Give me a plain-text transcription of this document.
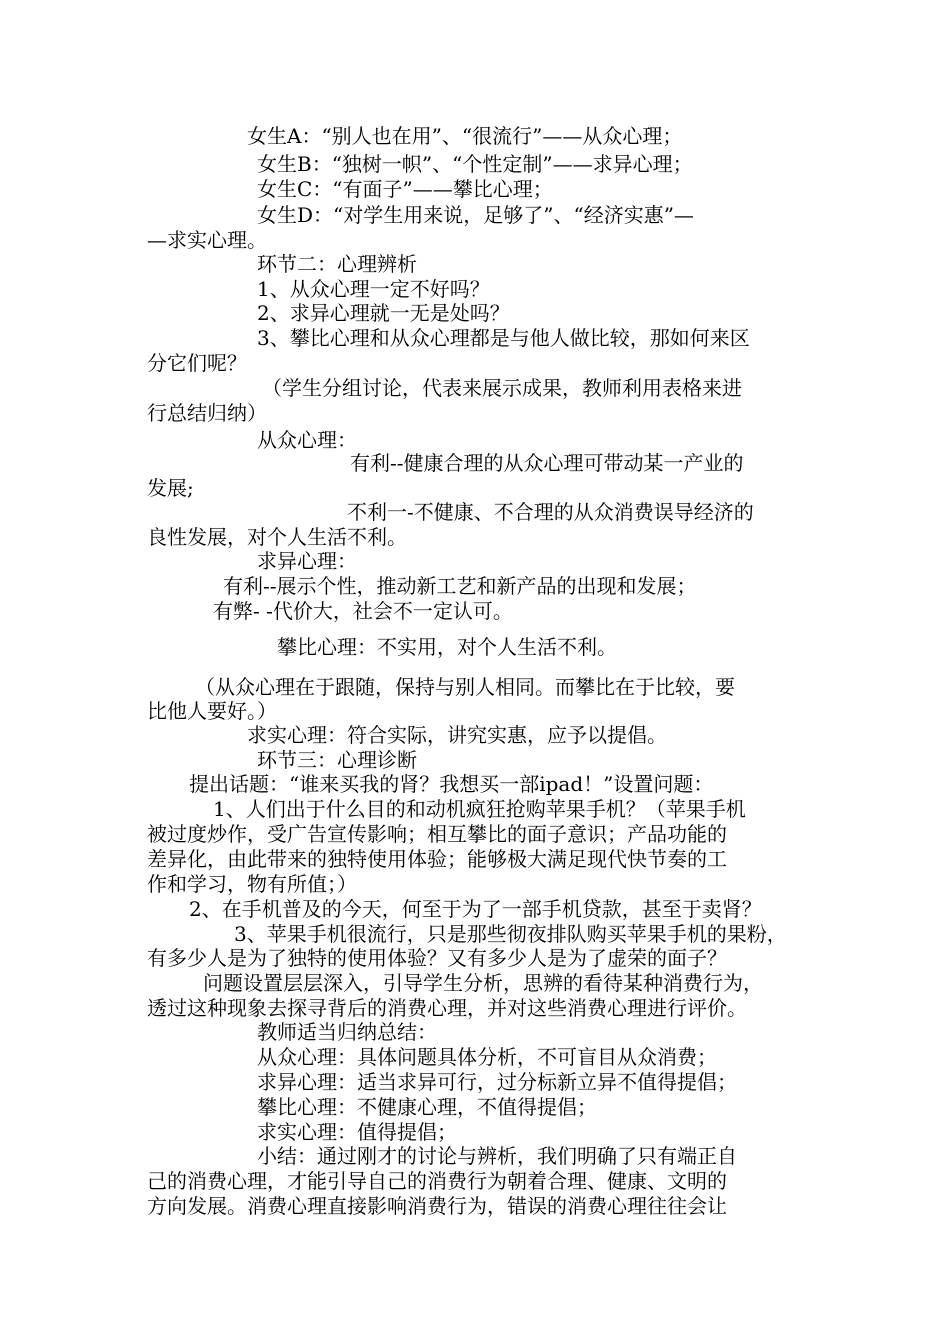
女生A：“别人也在用”、“很流行”——从众心理；
女生B：“独树一帜”、“个性定制”——求异心理；
女生C：“有面子”——攀比心理；
女生D：“对学生用来说，足够了”、“经济实惠”—
—求实心理。
环节二：心理辨析
1、从众心理一定不好吗？
2、求异心理就一无是处吗？
3、攀比心理和从众心理都是与他人做比较，那如何来区
分它们呢？
（学生分组讨论，代表来展示成果，教师利用表格来进
行总结归纳）
从众心理：
有利--健康合理的从众心理可带动某一产业的
发展;
不利一-不健康、不合理的从众消费误导经济的
良性发展，对个人生活不利。
求异心理：
有利--展示个性，推动新工艺和新产品的出现和发展；
有弊- -代价大，社会不一定认可。
攀比心理：不实用，对个人生活不利。
（从众心理在于跟随，保持与别人相同。而攀比在于比较，要
比他人要好。）
求实心理：符合实际，讲究实惠，应予以提倡。
环节三：心理诊断
提出话题：“谁来买我的肾？我想买一部ipad！”设置问题：
1、人们出于什么目的和动机疯狂抢购苹果手机？（苹果手机
被过度炒作，受广告宣传影响；相互攀比的面子意识；产品功能的
差异化，由此带来的独特使用体验；能够极大满足现代快节奏的工
作和学习，物有所值；）
2、在手机普及的今天，何至于为了一部手机贷款，甚至于卖肾？
3、苹果手机很流行，只是那些彻夜排队购买苹果手机的果粉，
有多少人是为了独特的使用体验？又有多少人是为了虚荣的面子？
问题设置层层深入，引导学生分析，思辨的看待某种消费行为，
透过这种现象去探寻背后的消费心理，并对这些消费心理进行评价。
教师适当归纳总结：
从众心理：具体问题具体分析，不可盲目从众消费；
求异心理：适当求异可行，过分标新立异不值得提倡；
攀比心理：不健康心理，不值得提倡；
求实心理：值得提倡；
小结：通过刚才的讨论与辨析，我们明确了只有端正自
己的消费心理，才能引导自己的消费行为朝着合理、健康、文明的
方向发展。消费心理直接影响消费行为，错误的消费心理往往会让
